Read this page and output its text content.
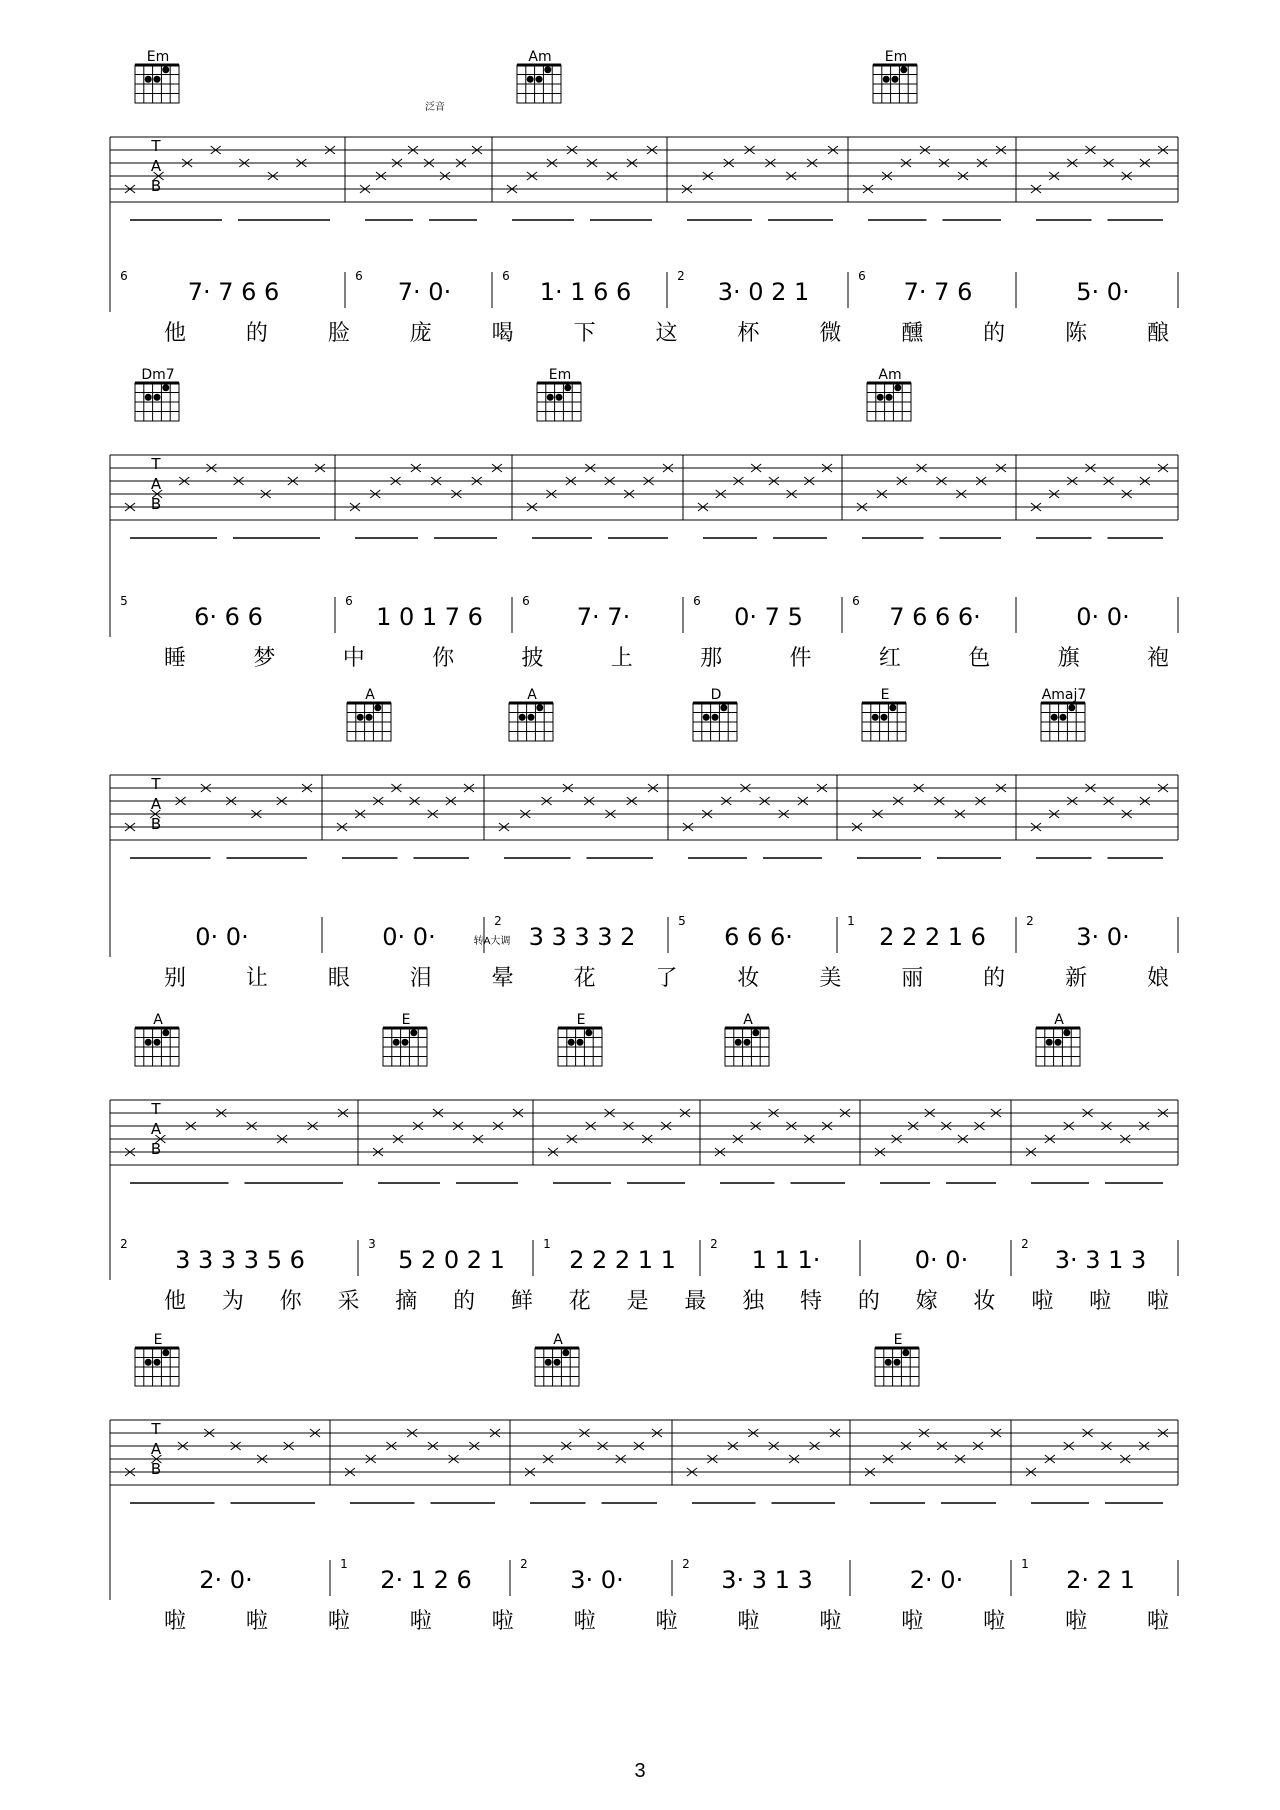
Em	Am	Em
T
A
B
6
7· 7 6 6
6
7· 0·
6
1· 1 6 6
2
3· 0 2 1
6
7· 7 6	5· 0·
他	的	脸	庞	喝	下	这	杯	微	醺	的	陈	酿
Dm7	Em	Am
T
A
B
5
6· 6 6
6
1 0 1 7 6
6
7· 7·
6
0· 7 5
6
7 6 6 6·	0· 0·
睡	梦	中	你	披	上	那	件	红	色	旗	袍
A	A	D	E	Amaj7
T
A
B
0· 0·	0· 0·
2
3 3 3 3 2
5
6 6 6·
1
2 2 2 1 6
2
3· 0·
别	让	眼	泪	晕	花	了	妆	美	丽	的	新	娘
A	E	E	A	A
T
A
B
2
3 3 3 3 5 6
3
5 2 0 2 1
1
2 2 2 1 1
2
1 1 1·	0· 0·
2
3· 3 1 3
他 为 你 采 摘 的 鲜 花 是 最 独 特 的 嫁 妆 啦 啦 啦
E	A	E
T
A
B
2· 0·
1
2· 1 2 6
2
3· 0·
2
3· 3 1 3	2· 0·
1
2· 2 1
啦	啦	啦	啦	啦	啦	啦	啦	啦	啦	啦	啦	啦
泛音
转A大调
3
